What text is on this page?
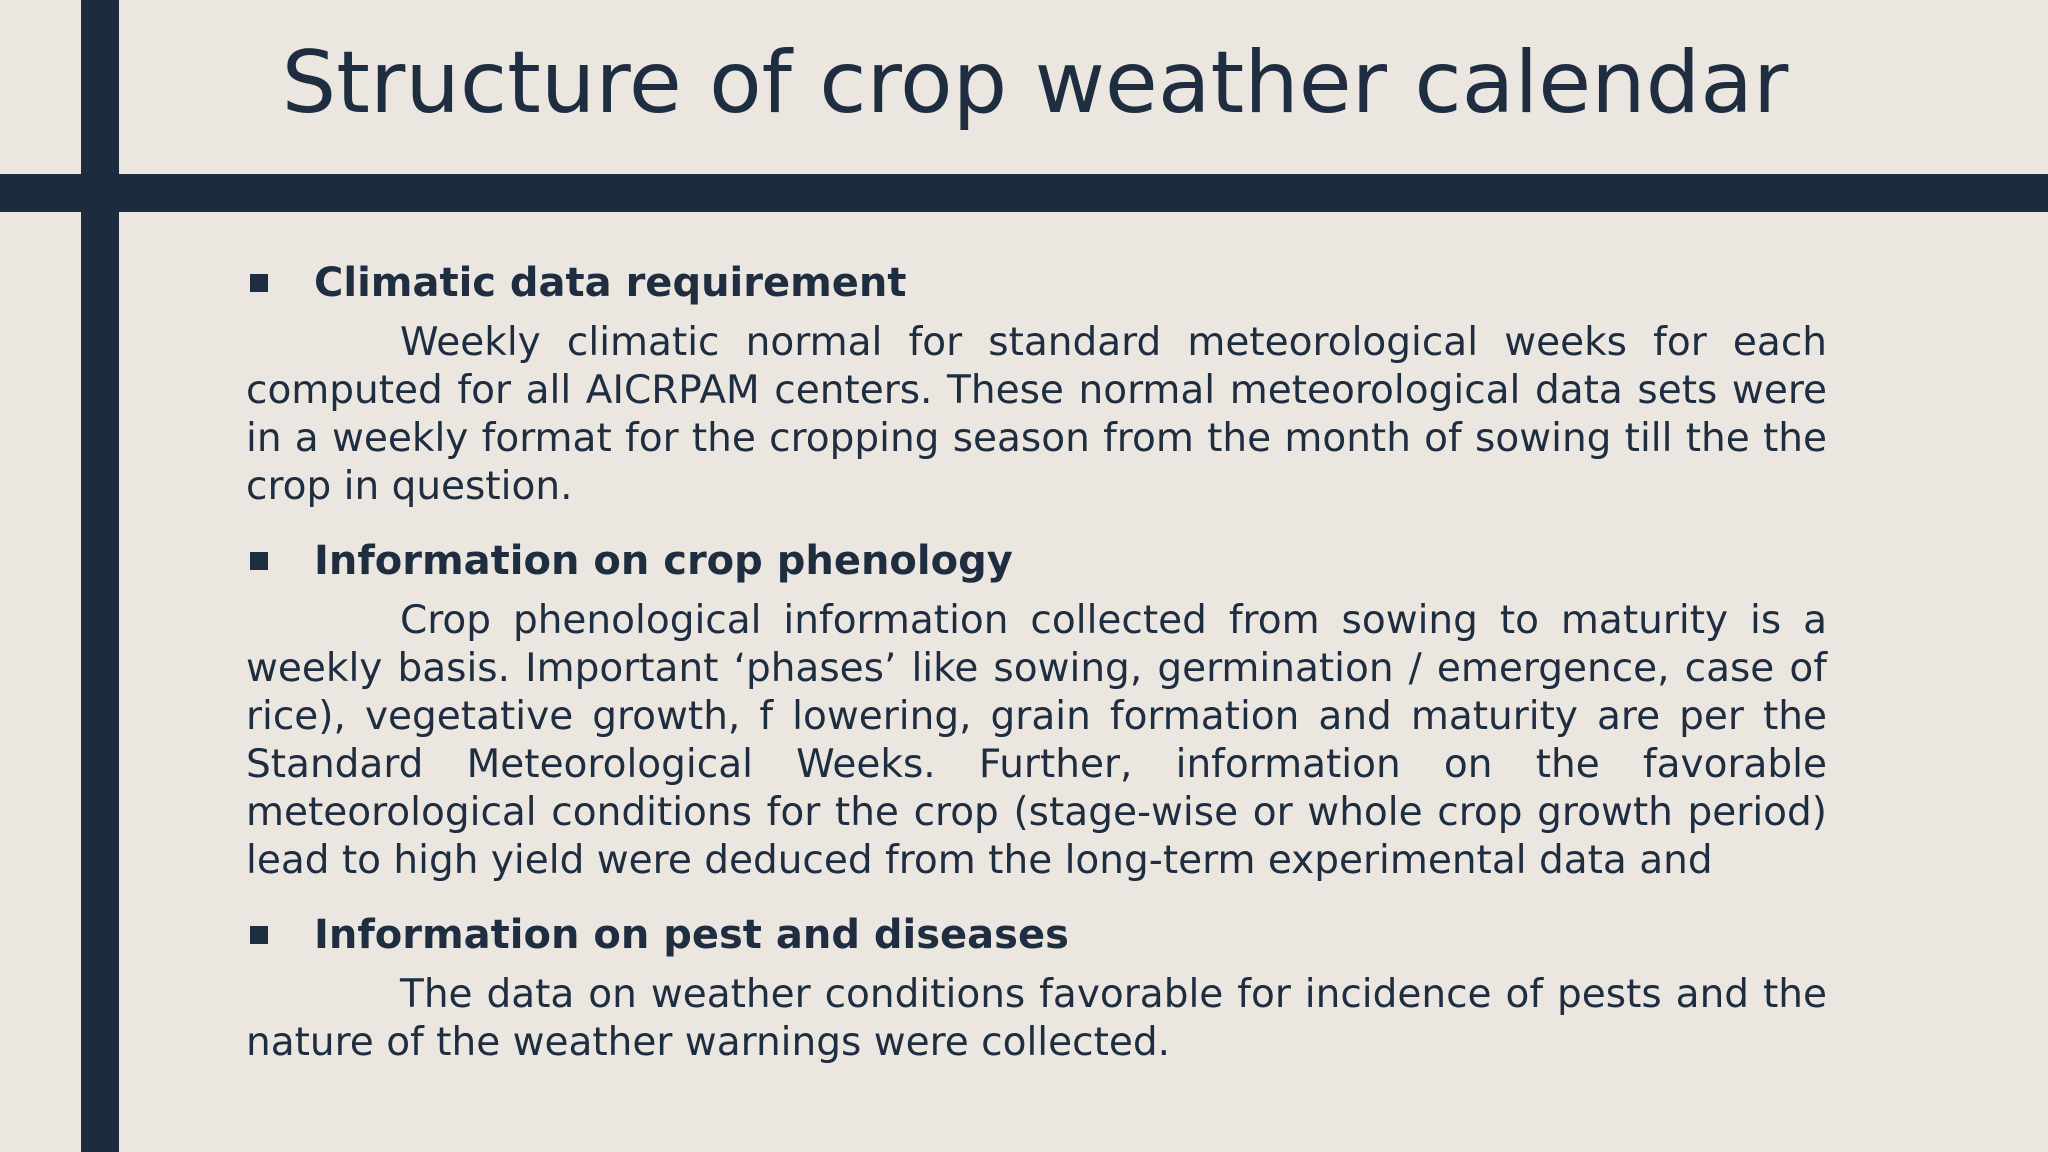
Structure of crop weather calendar
Climatic data requirement

Weekly climatic normal for standard meteorological weeks for each computed for all AICRPAM centers. These normal meteorological data sets were in a weekly format for the cropping season from the month of sowing till the the crop in question.

Information on crop phenology

Crop phenological information collected from sowing to maturity is a weekly basis. Important ‘phases’ like sowing, germination / emergence, case of rice), vegetative growth, f lowering, grain formation and maturity are per the Standard Meteorological Weeks. Further, information on the favorable meteorological conditions for the crop (stage-wise or whole crop growth period) lead to high yield were deduced from the long-term experimental data and

Information on pest and diseases

The data on weather conditions favorable for incidence of pests and the nature of the weather warnings were collected.
